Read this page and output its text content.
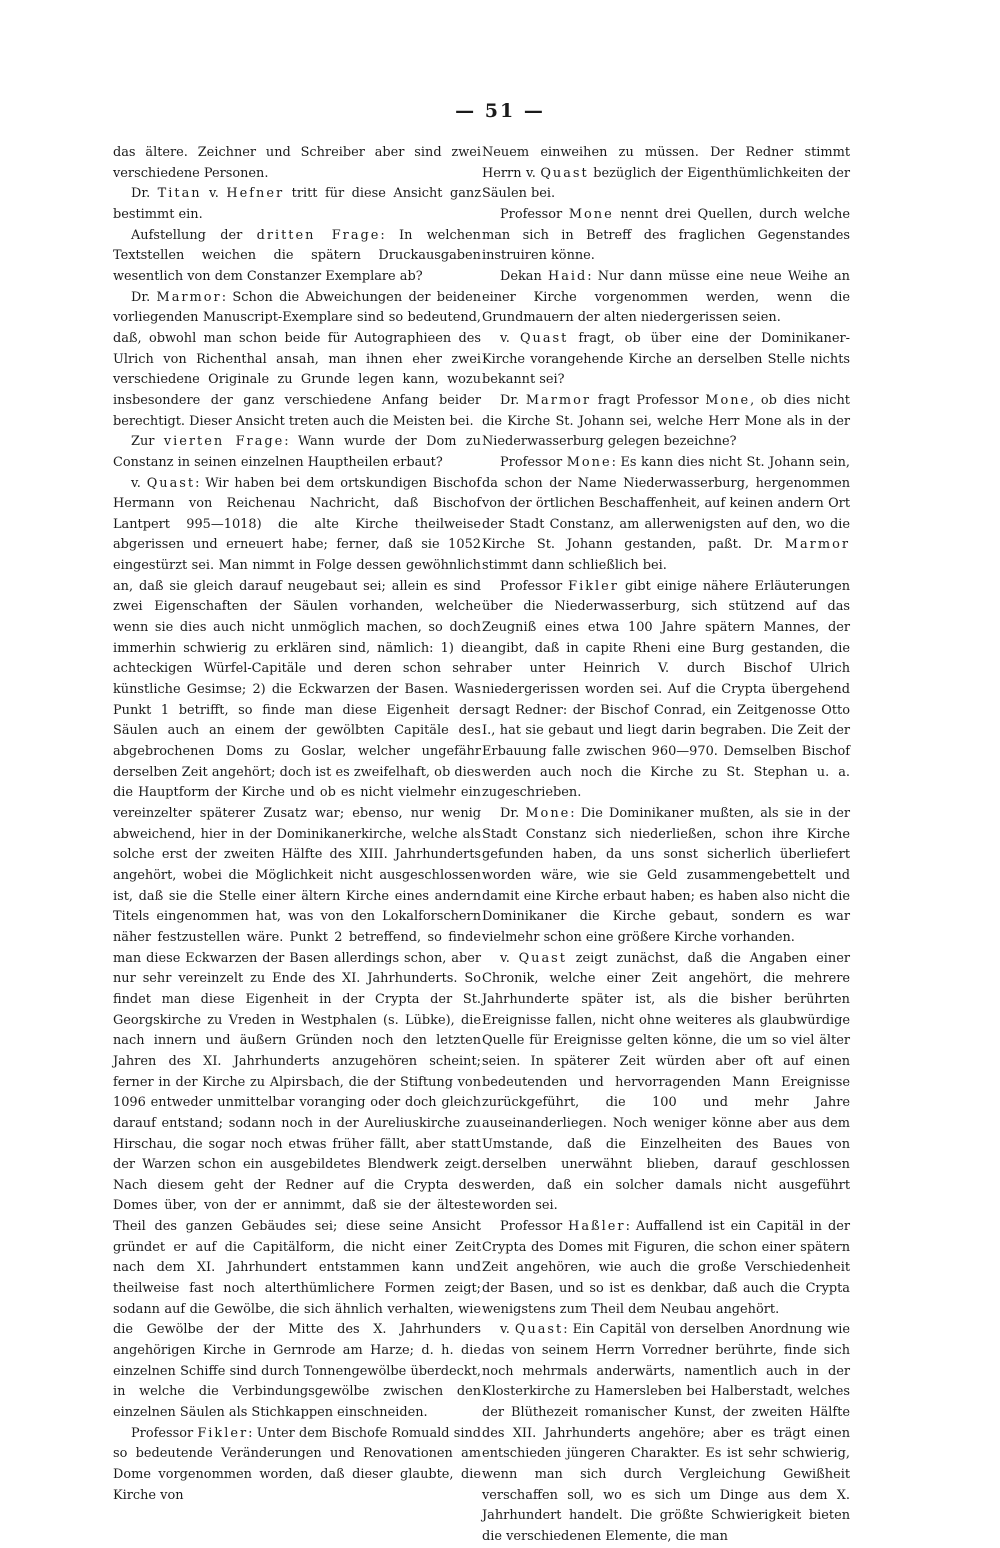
— 51 —

das ältere. Zeichner und Schreiber aber sind zwei verschiedene Personen.

Dr. Titan v. Hefner tritt für diese Ansicht ganz bestimmt ein.

Aufstellung der dritten Frage: In welchen Textstellen weichen die spätern Druckausgaben wesentlich von dem Constanzer Exemplare ab?

Dr. Marmor: Schon die Abweichungen der beiden vorliegenden Manuscript-Exemplare sind so bedeutend, daß, obwohl man schon beide für Autographieen des Ulrich von Richenthal ansah, man ihnen eher zwei verschiedene Originale zu Grunde legen kann, wozu insbesondere der ganz verschiedene Anfang beider berechtigt. Dieser Ansicht treten auch die Meisten bei.

Zur vierten Frage: Wann wurde der Dom zu Constanz in seinen einzelnen Hauptheilen erbaut?

v. Quast: Wir haben bei dem ortskundigen Bischof Hermann von Reichenau Nachricht, daß Bischof Lantpert 995—1018) die alte Kirche theilweise abgerissen und erneuert habe; ferner, daß sie 1052 eingestürzt sei. Man nimmt in Folge dessen gewöhnlich an, daß sie gleich darauf neugebaut sei; allein es sind zwei Eigenschaften der Säulen vorhanden, welche wenn sie dies auch nicht unmöglich machen, so doch immerhin schwierig zu erklären sind, nämlich: 1) die achteckigen Würfel-Capitäle und deren schon sehr künstliche Gesimse; 2) die Eckwarzen der Basen. Was Punkt 1 betrifft, so finde man diese Eigenheit der Säulen auch an einem der gewölbten Capitäle des abgebrochenen Doms zu Goslar, welcher ungefähr derselben Zeit angehört; doch ist es zweifelhaft, ob dies die Hauptform der Kirche und ob es nicht vielmehr ein vereinzelter späterer Zusatz war; ebenso, nur wenig abweichend, hier in der Dominikanerkirche, welche als solche erst der zweiten Hälfte des XIII. Jahrhunderts angehört, wobei die Möglichkeit nicht ausgeschlossen ist, daß sie die Stelle einer ältern Kirche eines andern Titels eingenommen hat, was von den Lokalforschern näher festzustellen wäre. Punkt 2 betreffend, so finde man diese Eckwarzen der Basen allerdings schon, aber nur sehr vereinzelt zu Ende des XI. Jahrhunderts. So findet man diese Eigenheit in der Crypta der St. Georgskirche zu Vreden in Westphalen (s. Lübke), die nach innern und äußern Gründen noch den letzten Jahren des XI. Jahrhunderts anzugehören scheint; ferner in der Kirche zu Alpirsbach, die der Stiftung von 1096 entweder unmittelbar voranging oder doch gleich darauf entstand; sodann noch in der Aureliuskirche zu Hirschau, die sogar noch etwas früher fällt, aber statt der Warzen schon ein ausgebildetes Blendwerk zeigt. Nach diesem geht der Redner auf die Crypta des Domes über, von der er annimmt, daß sie der älteste Theil des ganzen Gebäudes sei; diese seine Ansicht gründet er auf die Capitälform, die nicht einer Zeit nach dem XI. Jahrhundert entstammen kann und theilweise fast noch alterthümlichere Formen zeigt; sodann auf die Gewölbe, die sich ähnlich verhalten, wie die Gewölbe der der Mitte des X. Jahrhunders angehörigen Kirche in Gernrode am Harze; d. h. die einzelnen Schiffe sind durch Tonnengewölbe überdeckt, in welche die Verbindungsgewölbe zwischen den einzelnen Säulen als Stichkappen einschneiden.

Professor Fikler: Unter dem Bischofe Romuald sind so bedeutende Veränderungen und Renovationen am Dome vorgenommen worden, daß dieser glaubte, die Kirche von

Neuem einweihen zu müssen. Der Redner stimmt Herrn v. Quast bezüglich der Eigenthümlichkeiten der Säulen bei.

Professor Mone nennt drei Quellen, durch welche man sich in Betreff des fraglichen Gegenstandes instruiren könne.

Dekan Haid: Nur dann müsse eine neue Weihe an einer Kirche vorgenommen werden, wenn die Grundmauern der alten niedergerissen seien.

v. Quast fragt, ob über eine der Dominikaner-Kirche vorangehende Kirche an derselben Stelle nichts bekannt sei?

Dr. Marmor fragt Professor Mone, ob dies nicht die Kirche St. Johann sei, welche Herr Mone als in der Niederwasserburg gelegen bezeichne?

Professor Mone: Es kann dies nicht St. Johann sein, da schon der Name Niederwasserburg, hergenommen von der örtlichen Beschaffenheit, auf keinen andern Ort der Stadt Constanz, am allerwenigsten auf den, wo die Kirche St. Johann gestanden, paßt. Dr. Marmor stimmt dann schließlich bei.

Professor Fikler gibt einige nähere Erläuterungen über die Niederwasserburg, sich stützend auf das Zeugniß eines etwa 100 Jahre spätern Mannes, der angibt, daß in capite Rheni eine Burg gestanden, die aber unter Heinrich V. durch Bischof Ulrich niedergerissen worden sei. Auf die Crypta übergehend sagt Redner: der Bischof Conrad, ein Zeitgenosse Otto I., hat sie gebaut und liegt darin begraben. Die Zeit der Erbauung falle zwischen 960—970. Demselben Bischof werden auch noch die Kirche zu St. Stephan u. a. zugeschrieben.

Dr. Mone: Die Dominikaner mußten, als sie in der Stadt Constanz sich niederließen, schon ihre Kirche gefunden haben, da uns sonst sicherlich überliefert worden wäre, wie sie Geld zusammengebettelt und damit eine Kirche erbaut haben; es haben also nicht die Dominikaner die Kirche gebaut, sondern es war vielmehr schon eine größere Kirche vorhanden.

v. Quast zeigt zunächst, daß die Angaben einer Chronik, welche einer Zeit angehört, die mehrere Jahrhunderte später ist, als die bisher berührten Ereignisse fallen, nicht ohne weiteres als glaubwürdige Quelle für Ereignisse gelten könne, die um so viel älter seien. In späterer Zeit würden aber oft auf einen bedeutenden und hervorragenden Mann Ereignisse zurückgeführt, die 100 und mehr Jahre auseinanderliegen. Noch weniger könne aber aus dem Umstande, daß die Einzelheiten des Baues von derselben unerwähnt blieben, darauf geschlossen werden, daß ein solcher damals nicht ausgeführt worden sei.

Professor Haßler: Auffallend ist ein Capitäl in der Crypta des Domes mit Figuren, die schon einer spätern Zeit angehören, wie auch die große Verschiedenheit der Basen, und so ist es denkbar, daß auch die Crypta wenigstens zum Theil dem Neubau angehört.

v. Quast: Ein Capitäl von derselben Anordnung wie das von seinem Herrn Vorredner berührte, finde sich noch mehrmals anderwärts, namentlich auch in der Klosterkirche zu Hamersleben bei Halberstadt, welches der Blüthezeit romanischer Kunst, der zweiten Hälfte des XII. Jahrhunderts angehöre; aber es trägt einen entschieden jüngeren Charakter. Es ist sehr schwierig, wenn man sich durch Vergleichung Gewißheit verschaffen soll, wo es sich um Dinge aus dem X. Jahrhundert handelt. Die größte Schwierigkeit bieten die verschiedenen Elemente, die man
